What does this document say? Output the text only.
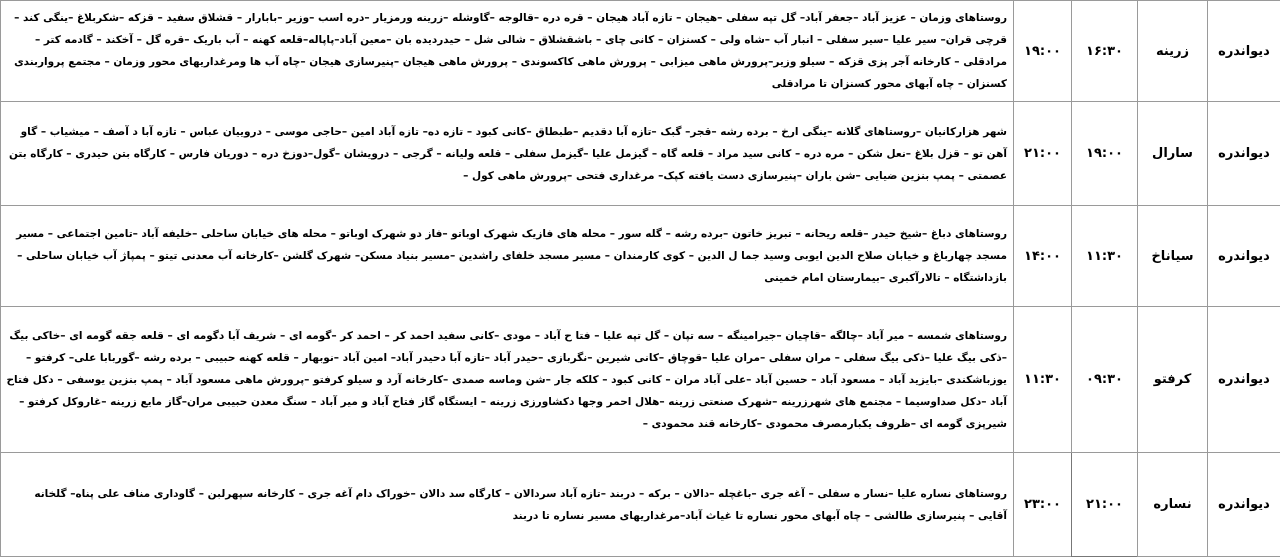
دیواندره	زرینه	۱۶:۳۰	۱۹:۰۰	روستاهای وزمان – عزیز آباد –جعفر آباد– گل تپه سفلی –هیجان – تازه آباد هیجان – قره دره –قالوجه –گاوشله –زرینه ورمزیار –دره اسب –وزیر –بابارار – قشلاق سفید – قزکه –شکربلاغ –ینگی کند –قرچی قران– سیر علیا –سیر سفلی – انبار آب –شاه ولی – کسنزان – کانی چای – باشقشلاق – شالی شل – حیدردیده بان –معین آباد–پاپاله–قلعه کهنه – آب باریک –قره گل – آخکند – گادمه کتر –مرادقلی – کارخانه آجر پزی قزکه – سیلو وزیر–پرورش ماهی میزابی – پرورش ماهی کاکسوندی – پرورش ماهی هیجان –پنیرسازی هیجان –چاه آب ها ومرغداریهای محور وزمان – مجتمع پرواربندی کسنزان – چاه آبهای محور کسنزان تا مرادقلی
دیواندره	سارال	۱۹:۰۰	۲۱:۰۰	شهر هزارکانیان –روستاهای گلانه –ینگی ارخ – برده رشه –قجر– گبک –تازه آبا دقدیم –طبطاق –کانی کبود – تازه ده– تازه آباد امین –حاجی موسی – دروییان عباس – تازه آبا د آصف – میشیاب – گاو آهن تو – قزل بلاغ –نعل شکن – مره دره – کانی سید مراد – قلعه گاه – گیزمل علیا –گیزمل سفلی – قلعه ولیانه – گرجی – درویشان –گول–دوزخ دره – دوریان فارس – کارگاه بتن حیدری – کارگاه بتن عصمتی – پمپ بنزین ضیایی –شن باران –پنیرسازی دست یافته کپک– مرغداری فتحی –پرورش ماهی کول –
دیواندره	سیاناخ	۱۱:۳۰	۱۴:۰۰	روستاهای دباغ –شیخ حیدر –قلعه ریحانه – تبریز خاتون –برده رشه – گله سور – محله های فازیک شهرک اوباتو –فاز دو شهرک اوباتو – محله های خیابان ساحلی –خلیفه آباد –تامین اجتماعی – مسیر مسجد چهارباغ و خیابان صلاح الدین ایوبی وسید جما ل الدین – کوی کارمندان – مسیر مسجد خلفای راشدین –مسیر بنیاد مسکن– شهرک گلشن –کارخانه آب معدنی تیتو – پمپاژ آب خیابان ساحلی –بازداشتگاه – تالارآکبری –بیمارستان امام خمینی
دیواندره	کرفتو	۰۹:۳۰	۱۱:۳۰	روستاهای شمسه – میر آباد –چالگه –قاچیان –جیرامینگه – سه تپان – گل تپه علیا – فتا ح آباد – مودی –کانی سفید احمد کر – احمد کر –گومه ای – شریف آبا دگومه ای – قلعه جقه گومه ای –خاکی بیگ –ذکی بیگ علیا –ذکی بیگ سفلی – مران سفلی –مران علیا –قوچاق –کانی شیرین –نگربازی –حیدر آباد –تازه آبا دحیدر آباد– امین آباد –نوبهار – قلعه کهنه حبیبی – برده رشه –گوربابا علی– کرفتو – یوزباشکندی –بایزید آباد – مسعود آباد – حسین آباد –علی آباد مران – کانی کبود – کلکه جار –شن وماسه صمدی –کارخانه آرد و سیلو کرفتو –پرورش ماهی مسعود آباد – پمپ بنزین یوسفی – دکل فتاح آباد –دکل صداوسیما – مجتمع های شهرزرینه –شهرک صنعتی زرینه –هلال احمر وجها دکشاورزی زرینه – ایستگاه گاز فتاح آباد و میر آباد – سنگ معدن حبیبی مران–گاز مایع زرینه –غاروکل کرفتو –شیرپزی گومه ای –ظروف یکبارمصرف محمودی –کارخانه قند محمودی –
دیواندره	نساره	۲۱:۰۰	۲۳:۰۰	روستاهای نساره علیا –نسار ه سفلی – آغه جری –باغچله –دالان – برکه – دربند –تازه آباد سردالان – کارگاه سد دالان –خوراک دام آغه جری – کارخانه سپهرلبن – گاوداری مناف علی پناه– گلخانه آقایی – پنیرسازی طالشی – چاه آبهای محور نساره تا غیاث آباد–مرغداریهای مسیر نساره تا دربند
